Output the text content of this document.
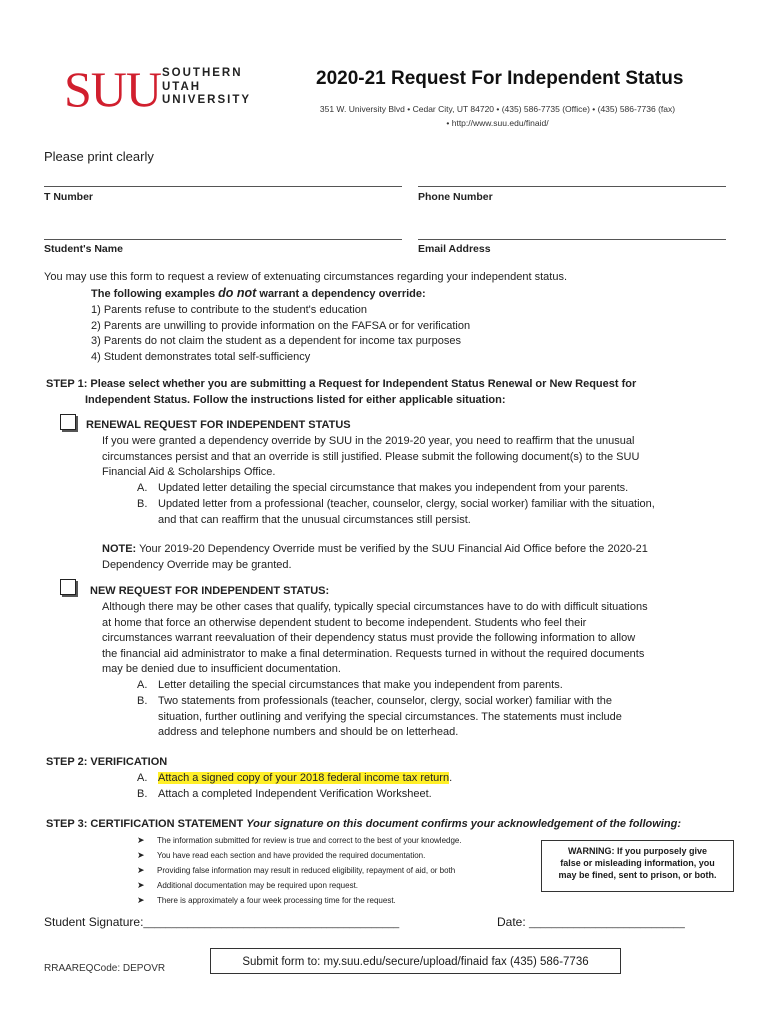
SUU SOUTHERN
UTAH
UNIVERSITY
2020-21 Request For Independent Status
351 W. University Blvd • Cedar City, UT 84720 • (435) 586-7735 (Office) • (435) 586-7736 (fax)
• http://www.suu.edu/finaid/
Please print clearly
T Number	Phone Number
Student's Name	Email Address
You may use this form to request a review of extenuating circumstances regarding your independent status.
The following examples do not warrant a dependency override:
1) Parents refuse to contribute to the student's education
2) Parents are unwilling to provide information on the FAFSA or for verification
3) Parents do not claim the student as a dependent for income tax purposes
4) Student demonstrates total self-sufficiency
STEP 1: Please select whether you are submitting a Request for Independent Status Renewal or New Request for
Independent Status. Follow the instructions listed for either applicable situation:
RENEWAL REQUEST FOR INDEPENDENT STATUS
If you were granted a dependency override by SUU in the 2019-20 year, you need to reaffirm that the unusual
circumstances persist and that an override is still justified. Please submit the following document(s) to the SUU
Financial Aid & Scholarships Office.
A. Updated letter detailing the special circumstance that makes you independent from your parents.
B. Updated letter from a professional (teacher, counselor, clergy, social worker) familiar with the situation,
and that can reaffirm that the unusual circumstances still persist.
NOTE: Your 2019-20 Dependency Override must be verified by the SUU Financial Aid Office before the 2020-21
Dependency Override may be granted.
NEW REQUEST FOR INDEPENDENT STATUS:
Although there may be other cases that qualify, typically special circumstances have to do with difficult situations
at home that force an otherwise dependent student to become independent. Students who feel their
circumstances warrant reevaluation of their dependency status must provide the following information to allow
the financial aid administrator to make a final determination. Requests turned in without the required documents
may be denied due to insufficient documentation.
A. Letter detailing the special circumstances that make you independent from parents.
B. Two statements from professionals (teacher, counselor, clergy, social worker) familiar with the
situation, further outlining and verifying the special circumstances. The statements must include
address and telephone numbers and should be on letterhead.
STEP 2: VERIFICATION
A. Attach a signed copy of your 2018 federal income tax return.
B. Attach a completed Independent Verification Worksheet.
STEP 3: CERTIFICATION STATEMENT Your signature on this document confirms your acknowledgement of the following:
➤ The information submitted for review is true and correct to the best of your knowledge.
➤ You have read each section and have provided the required documentation.
➤ Providing false information may result in reduced eligibility, repayment of aid, or both
➤ Additional documentation may be required upon request.
➤ There is approximately a four week processing time for the request.
WARNING: If you purposely give
false or misleading information, you
may be fined, sent to prison, or both.
Student Signature:______________________________________________	Date: ____________________________
RRAAREQCode: DEPOVR
Submit form to: my.suu.edu/secure/upload/finaid fax (435) 586-7736
